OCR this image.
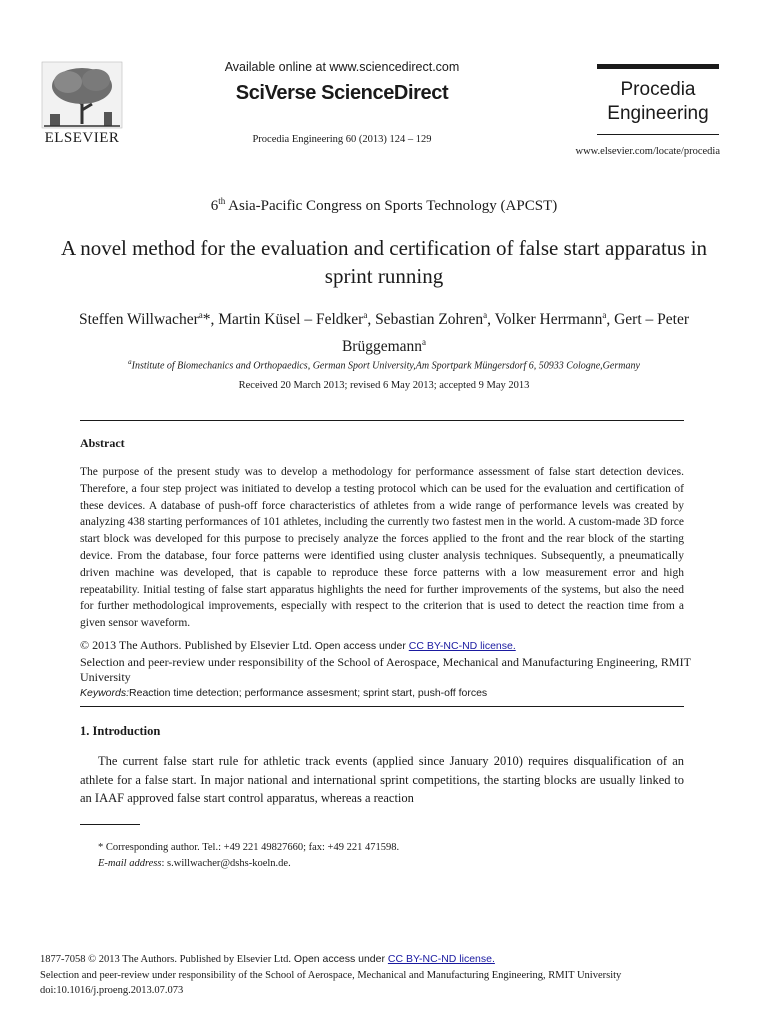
ELSEVIER
Available online at www.sciencedirect.com
SciVerse ScienceDirect
Procedia Engineering 60 (2013) 124 – 129
Procedia
Engineering
www.elsevier.com/locate/procedia
6th Asia-Pacific Congress on Sports Technology (APCST)
A novel method for the evaluation and certification of false start apparatus in sprint running
Steffen Willwacher$^a$*, Martin Küsel – Feldker$^a$, Sebastian Zohren$^a$, Volker Herrmann$^a$, Gert – Peter Brüggemann$^a$
$^a$Institute of Biomechanics and Orthopaedics, German Sport University,Am Sportpark Müngersdorf 6, 50933 Cologne,Germany
Received 20 March 2013; revised 6 May 2013; accepted 9 May 2013
Abstract
The purpose of the present study was to develop a methodology for performance assessment of false start detection devices. Therefore, a four step project was initiated to develop a testing protocol which can be used for the evaluation and certification of these devices. A database of push-off force characteristics of athletes from a wide range of performance levels was created by analyzing 438 starting performances of 101 athletes, including the currently two fastest men in the world. A custom-made 3D force start block was developed for this purpose to precisely analyze the forces applied to the front and the rear block of the starting device. From the database, four force patterns were identified using cluster analysis techniques. Subsequently, a pneumatically driven machine was developed, that is capable to reproduce these force patterns with a low measurement error and high repeatability. Initial testing of false start apparatus highlights the need for further improvements of the systems, but also the need for further methodological improvements, especially with respect to the criterion that is used to detect the reaction time from a given sensor waveform.
© 2013 The Authors. Published by Elsevier Ltd. Open access under CC BY-NC-ND license.
Selection and peer-review under responsibility of the School of Aerospace, Mechanical and Manufacturing Engineering, RMIT University
Keywords:Reaction time detection; performance assesment; sprint start, push-off forces
1. Introduction
The current false start rule for athletic track events (applied since January 2010) requires disqualification of an athlete for a false start. In major national and international sprint competitions, the starting blocks are usually linked to an IAAF approved false start control apparatus, whereas a reaction
* Corresponding author. Tel.: +49 221 49827660; fax: +49 221 471598.
E-mail address: s.willwacher@dshs-koeln.de.
1877-7058 © 2013 The Authors. Published by Elsevier Ltd. Open access under CC BY-NC-ND license.
Selection and peer-review under responsibility of the School of Aerospace, Mechanical and Manufacturing Engineering, RMIT University
doi:10.1016/j.proeng.2013.07.073
